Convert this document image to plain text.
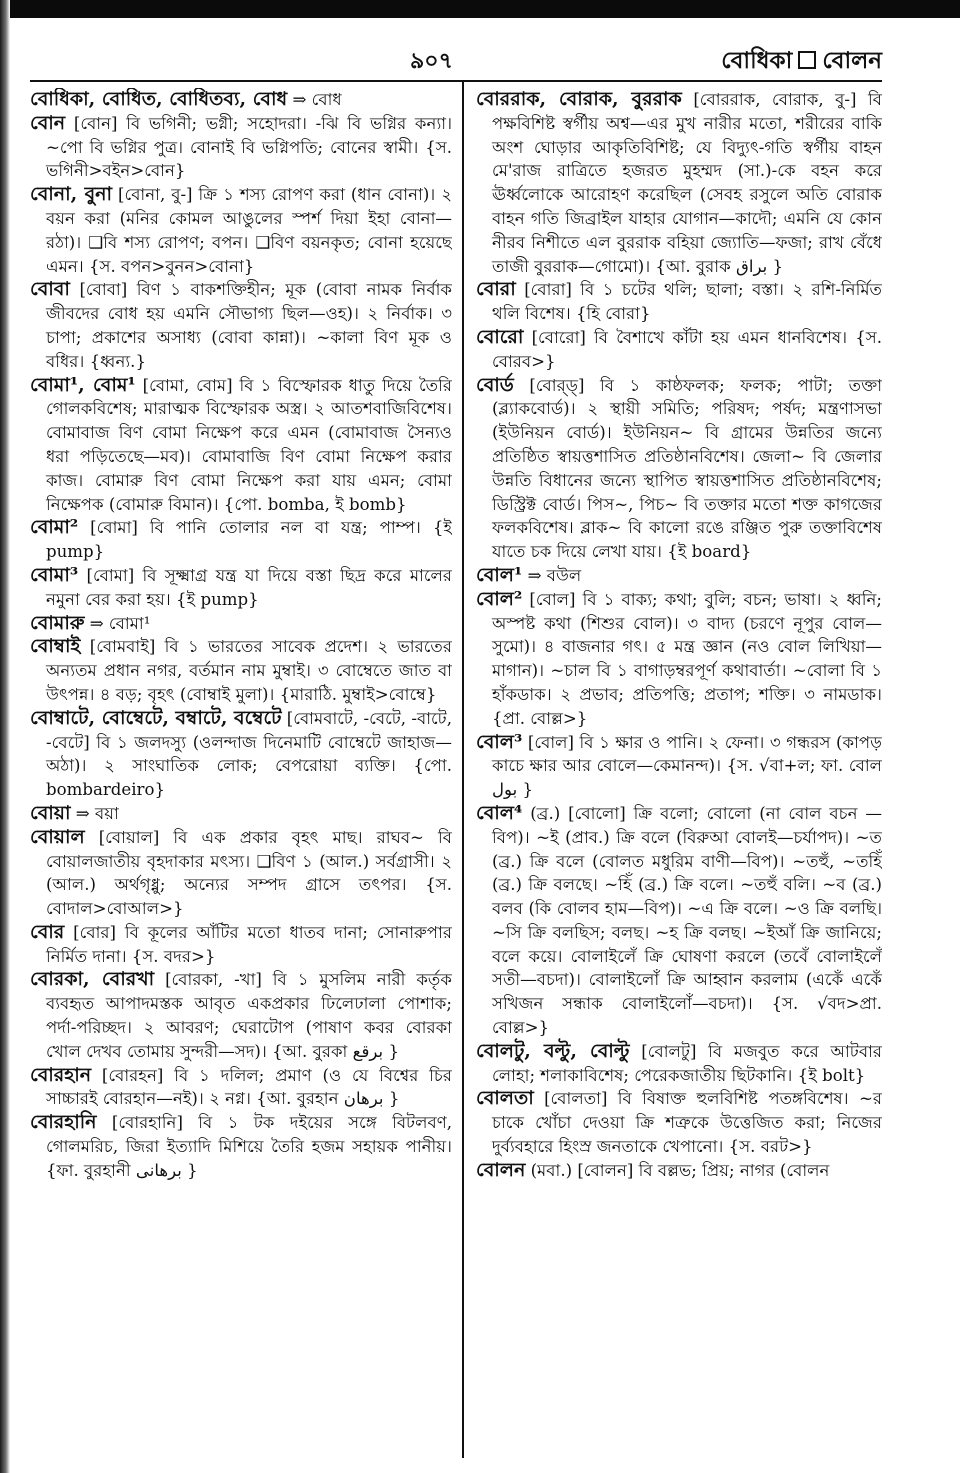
৯০৭	বোধিকা বোলন
বোধিকা, বোধিত, বোধিতব্য, বোধ ⇒ বোধ
বোন [বোন] বি ভগিনী; ভগ্নী; সহোদরা। -ঝি বি ভগ্নির কন্যা। ~পো বি ভগ্নির পুত্র। বোনাই বি ভগ্নিপতি; বোনের স্বামী। {স. ভগিনী>বইন>বোন}
বোনা, বুনা [বোনা, বু-] ক্রি ১ শস্য রোপণ করা (ধান বোনা)। ২ বয়ন করা (মনির কোমল আঙুলের স্পর্শ দিয়া ইহা বোনা—রঠা)। ❑বি শস্য রোপণ; বপন। ❑বিণ বয়নকৃত; বোনা হয়েছে এমন। {স. বপন>বুনন>বোনা}
বোবা [বোবা] বিণ ১ বাকশক্তিহীন; মূক (বোবা নামক নির্বাক জীবদের বোধ হয় এমনি সৌভাগ্য ছিল—ওহ)। ২ নির্বাক। ৩ চাপা; প্রকাশের অসাধ্য (বোবা কান্না)। ~কালা বিণ মূক ও বধির। {ধ্বন্য.}
বোমা¹, বোম¹ [বোমা, বোম] বি ১ বিস্ফোরক ধাতু দিয়ে তৈরি গোলকবিশেষ; মারাত্মক বিস্ফোরক অস্ত্র। ২ আতশবাজিবিশেষ। বোমাবাজ বিণ বোমা নিক্ষেপ করে এমন (বোমাবাজ সৈন্যও ধরা পড়িতেছে—মব)। বোমাবাজি বিণ বোমা নিক্ষেপ করার কাজ। বোমারু বিণ বোমা নিক্ষেপ করা যায় এমন; বোমা নিক্ষেপক (বোমারু বিমান)। {পো. bomba, ই bomb}
বোমা² [বোমা] বি পানি তোলার নল বা যন্ত্র; পাম্প। {ই pump}
বোমা³ [বোমা] বি সূক্ষ্মাগ্র যন্ত্র যা দিয়ে বস্তা ছিদ্র করে মালের নমুনা বের করা হয়। {ই pump}
বোমারু ⇒ বোমা¹
বোম্বাই [বোমবাই] বি ১ ভারতের সাবেক প্রদেশ। ২ ভারতের অন্যতম প্রধান নগর, বর্তমান নাম মুম্বাই। ৩ বোম্বেতে জাত বা উৎপন্ন। ৪ বড়; বৃহৎ (বোম্বাই মুলা)। {মারাঠি. মুম্বাই>বোম্বে}
বোম্বাটে, বোম্বেটে, বম্বাটে, বম্বেটে [বোমবাটে, -বেটে, -বাটে, -বেটে] বি ১ জলদস্যু (ওলন্দাজ দিনেমাটি বোম্বেটে জাহাজ—অঠা)। ২ সাংঘাতিক লোক; বেপরোয়া ব্যক্তি। {পো. bombardeiro}
বোয়া ⇒ বয়া
বোয়াল [বোয়াল] বি এক প্রকার বৃহৎ মাছ। রাঘব~ বি বোয়ালজাতীয় বৃহদাকার মৎস্য। ❑বিণ ১ (আল.) সর্বগ্রাসী। ২ (আল.) অর্থগৃধ্নু; অন্যের সম্পদ গ্রাসে তৎপর। {স. বোদাল>বোআল>}
বোর [বোর] বি কূলের আঁটির মতো ধাতব দানা; সোনারুপার নির্মিত দানা। {স. বদর>}
বোরকা, বোরখা [বোরকা, -খা] বি ১ মুসলিম নারী কর্তৃক ব্যবহৃত আপাদমস্তক আবৃত একপ্রকার ঢিলেঢালা পোশাক; পর্দা-পরিচ্ছদ। ২ আবরণ; ঘেরাটোপ (পাষাণ কবর বোরকা খোল দেখব তোমায় সুন্দরী—সদ)। {আ. বুরকা برقع }
বোরহান [বোরহন] বি ১ দলিল; প্রমাণ (ও যে বিশ্বের চির সাচ্চারই বোরহান—নই)। ২ নগ্ন। {আ. বুরহান برهان }
বোরহানি [বোরহানি] বি ১ টক দইয়ের সঙ্গে বিটলবণ, গোলমরিচ, জিরা ইত্যাদি মিশিয়ে তৈরি হজম সহায়ক পানীয়। {ফা. বুরহানী برهانی }
বোররাক, বোরাক, বুররাক [বোররাক, বোরাক, বু-] বি পক্ষবিশিষ্ট স্বর্গীয় অশ্ব—এর মুখ নারীর মতো, শরীরের বাকি অংশ ঘোড়ার আকৃতিবিশিষ্ট; যে বিদ্যুৎ-গতি স্বর্গীয় বাহন মে'রাজ রাত্রিতে হজরত মুহম্মদ (সা.)-কে বহন করে ঊর্ধ্বলোকে আরোহণ করেছিল (সেবহ রসুলে অতি বোরাক বাহন গতি জিব্রাইল যাহার যোগান—কাদৌ; এমনি যে কোন নীরব নিশীতে এল বুররাক বহিয়া জ্যোতি—ফজা; রাখ বেঁধে তাজী বুররাক—গোমো)। {আ. বুরাক براق }
বোরা [বোরা] বি ১ চটের থলি; ছালা; বস্তা। ২ রশি-নির্মিত থলি বিশেষ। {হি বোরা}
বোরো [বোরো] বি বৈশাখে কাঁটা হয় এমন ধানবিশেষ। {স. বোরব>}
বোর্ড [বোর্‌ড্] বি ১ কাষ্ঠফলক; ফলক; পাটা; তক্তা (ব্ল্যাকবোর্ড)। ২ স্থায়ী সমিতি; পরিষদ; পর্ষদ; মন্ত্রণাসভা (ইউনিয়ন বোর্ড)। ইউনিয়ন~ বি গ্রামের উন্নতির জন্যে প্রতিষ্ঠিত স্বায়ত্তশাসিত প্রতিষ্ঠানবিশেষ। জেলা~ বি জেলার উন্নতি বিধানের জন্যে স্থাপিত স্বায়ত্তশাসিত প্রতিষ্ঠানবিশেষ; ডিস্ট্রিক্ট বোর্ড। পিস~, পিচ~ বি তক্তার মতো শক্ত কাগজের ফলকবিশেষ। ব্লাক~ বি কালো রঙে রঞ্জিত পুরু তক্তাবিশেষ যাতে চক দিয়ে লেখা যায়। {ই board}
বোল¹ ⇒ বউল
বোল² [বোল] বি ১ বাক্য; কথা; বুলি; বচন; ভাষা। ২ ধ্বনি; অস্পষ্ট কথা (শিশুর বোল)। ৩ বাদ্য (চরণে নূপুর বোল—সুমো)। ৪ বাজনার গৎ। ৫ মন্ত্র জ্ঞান (নও বোল লিখিয়া—মাগান)। ~চাল বি ১ বাগাড়ম্বরপূর্ণ কথাবার্তা। ~বোলা বি ১ হাঁকডাক। ২ প্রভাব; প্রতিপত্তি; প্রতাপ; শক্তি। ৩ নামডাক। {প্রা. বোল্ল>}
বোল³ [বোল] বি ১ ক্ষার ও পানি। ২ ফেনা। ৩ গন্ধরস (কাপড় কাচে ক্ষার আর বোলে—কেমানন্দ)। {স. √বা+ল; ফা. বোল بول }
বোল⁴ (ব্র.) [বোলো] ক্রি বলো; বোলো (না বোল বচন —বিপ)। ~ই (প্রাব.) ক্রি বলে (বিরুআ বোলই—চর্যাপদ)। ~ত (ব্র.) ক্রি বলে (বোলত মধুরিম বাণী—বিপ)। ~তহুঁ, ~তহিঁ (ব্র.) ক্রি বলছে। ~হিঁ (ব্র.) ক্রি বলে। ~তহুঁ বলি। ~ব (ব্র.) বলব (কি বোলব হাম—বিপ)। ~এ ক্রি বলে। ~ও ক্রি বলছি। ~সি ক্রি বলছিস; বলছ। ~হ ক্রি বলছ। ~ইআঁ ক্রি জানিয়ে; বলে কয়ে। বোলাইলেঁ ক্রি ঘোষণা করলে (তবেঁ বোলাইলেঁ সতী—বচদা)। বোলাইলোঁ ক্রি আহ্বান করলাম (একেঁ একেঁ সখিজন সন্ধাক বোলাইলোঁ—বচদা)। {স. √বদ>প্রা. বোল্ল>}
বোলটু, বল্টু, বোল্টু [বোলটু] বি মজবুত করে আটবার লোহা; শলাকাবিশেষ; পেরেকজাতীয় ছিটকানি। {ই bolt}
বোলতা [বোলতা] বি বিষাক্ত হুলবিশিষ্ট পতঙ্গবিশেষ। ~র চাকে খোঁচা দেওয়া ক্রি শত্রুকে উত্তেজিত করা; নিজের দুর্ব্যবহারে হিংস্র জনতাকে খেপানো। {স. বরট>}
বোলন (মবা.) [বোলন] বি বল্লভ; প্রিয়; নাগর (বোলন
